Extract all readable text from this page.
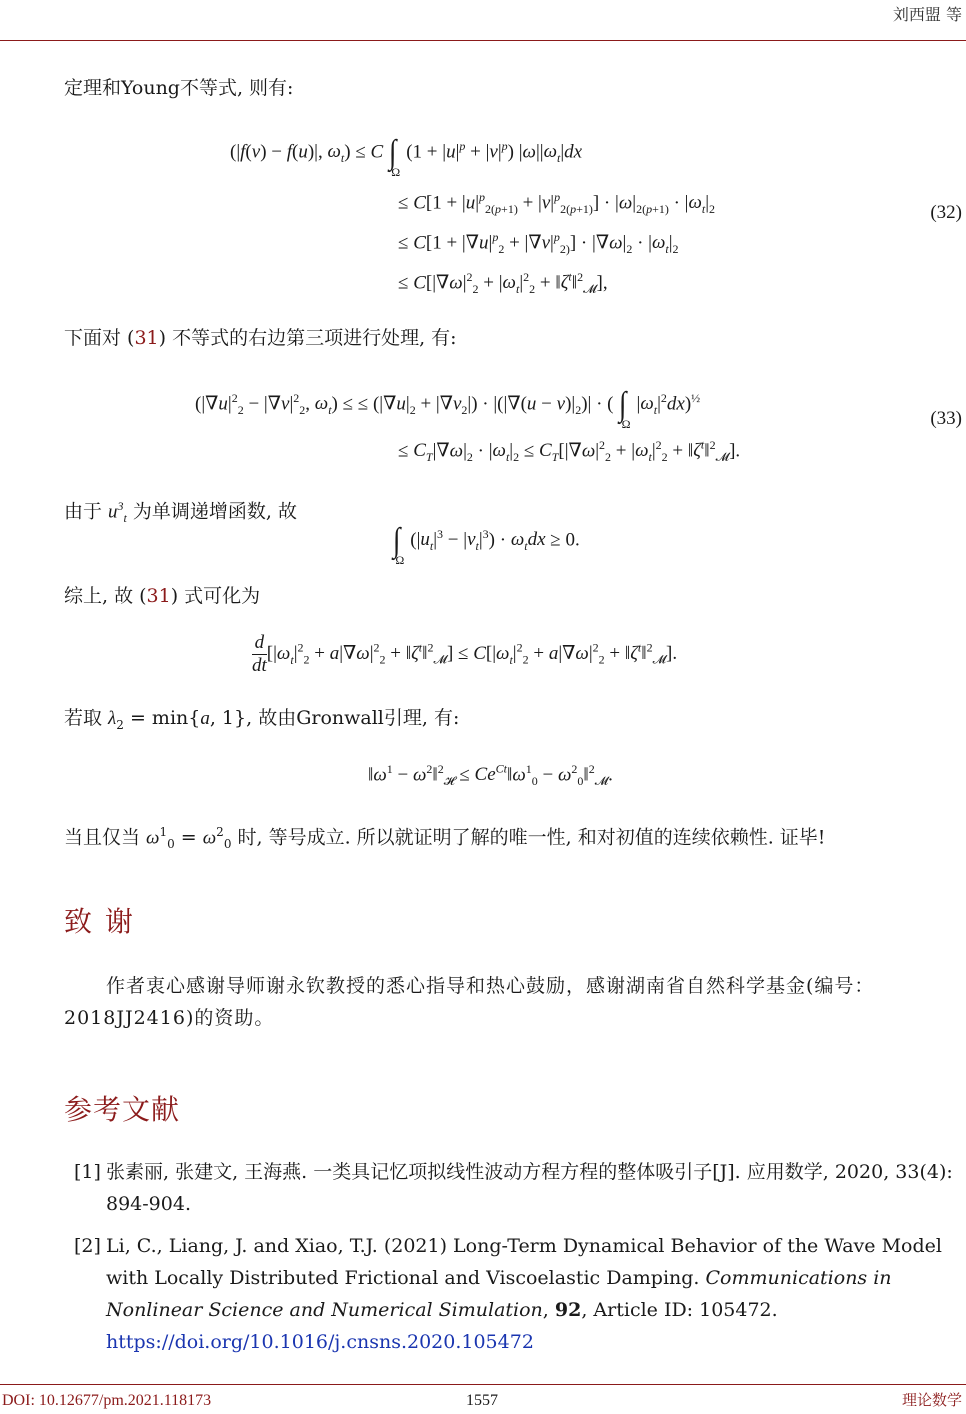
刘西盟 等
定理和Young不等式, 则有:
(|f(v) − f(u)|, $\omega_t) \le C$ $\int_\Omega(1 + |u|^p + |v|^p)$ $|\omega||\omega_t|dx$
≤ $C[1 + |u|^p_{2(p+1)} + |v|^p_{2(p+1)}] \cdot |\omega|_{2(p+1)} \cdot |\omega_t|_2$
≤ $C[1 + |\nabla u|^p_2 + |\nabla v|^p_{2)}] \cdot |\nabla\omega|_2 \cdot |\omega_t|_2$
≤ $C[|\nabla\omega|^2_2 + |\omega_t|^2_2$ + $‖\zeta^t‖^2_𝓜$],
(32)
下面对 (31) 不等式的右边第三项进行处理, 有:
($|\nabla u|^2_2 - |\nabla v|^2_2$, $\omega_t$) ≤ ≤ $(|\nabla u|_2 + |\nabla v_2|) \cdot |(|\nabla(u - v)|_2)|$ · ( $\int_\Omega|\omega_t|^2dx)^{\frac{1}{2}}$
≤ $C_T|\nabla\omega|_2 \cdot |\omega_t|_2 \le C_T[|\nabla\omega|^2_2 + |\omega_t|^2_2$ + $‖\zeta^t‖^2_𝓜$].
(33)
由于 $u^3_t$ 为单调递增函数, 故
$\int_\Omega(|u_t|^3 - |v_t|^3) \cdot \omega_tdx \ge 0$.
综上, 故 (31) 式可化为
$\frac{d}{dt} [|\omega_t|^2_2 + a|\nabla\omega|^2_2$ + $‖\zeta^t‖^2_𝓜] \le C[|\omega_t|^2_2 + a|\nabla\omega|^2_2$ + $‖\zeta^t‖^2_𝓜$].
若取 $\lambda_2 = \min\{a$, 1}, 故由Gronwall引理, 有:
$‖\omega^1$ − $\omega^2‖^2_𝓗$ ≤ $Ce^{Ct}‖\omega^1_0$ − $\omega^2_0‖^2_𝓜$.
当且仅当 $\omega^1_0 = \omega^2_0$ 时, 等号成立. 所以就证明了解的唯一性, 和对初值的连续依赖性. 证毕!
致 谢
作者衷心感谢导师谢永钦教授的悉心指导和热心鼓励，感谢湖南省自然科学基金(编号：2018JJ2416)的资助。
参考文献
[1] 张素丽, 张建文, 王海燕. 一类具记忆项拟线性波动方程方程的整体吸引子[J]. 应用数学, 2020, 33(4): 894-904.
[2] Li, C., Liang, J. and Xiao, T.J. (2021) Long-Term Dynamical Behavior of the Wave Model with Locally Distributed Frictional and Viscoelastic Damping. Communications in Nonlinear Science and Numerical Simulation, 92, Article ID: 105472.
https://doi.org/10.1016/j.cnsns.2020.105472
DOI: 10.12677/pm.2021.118173	1557	理论数学
